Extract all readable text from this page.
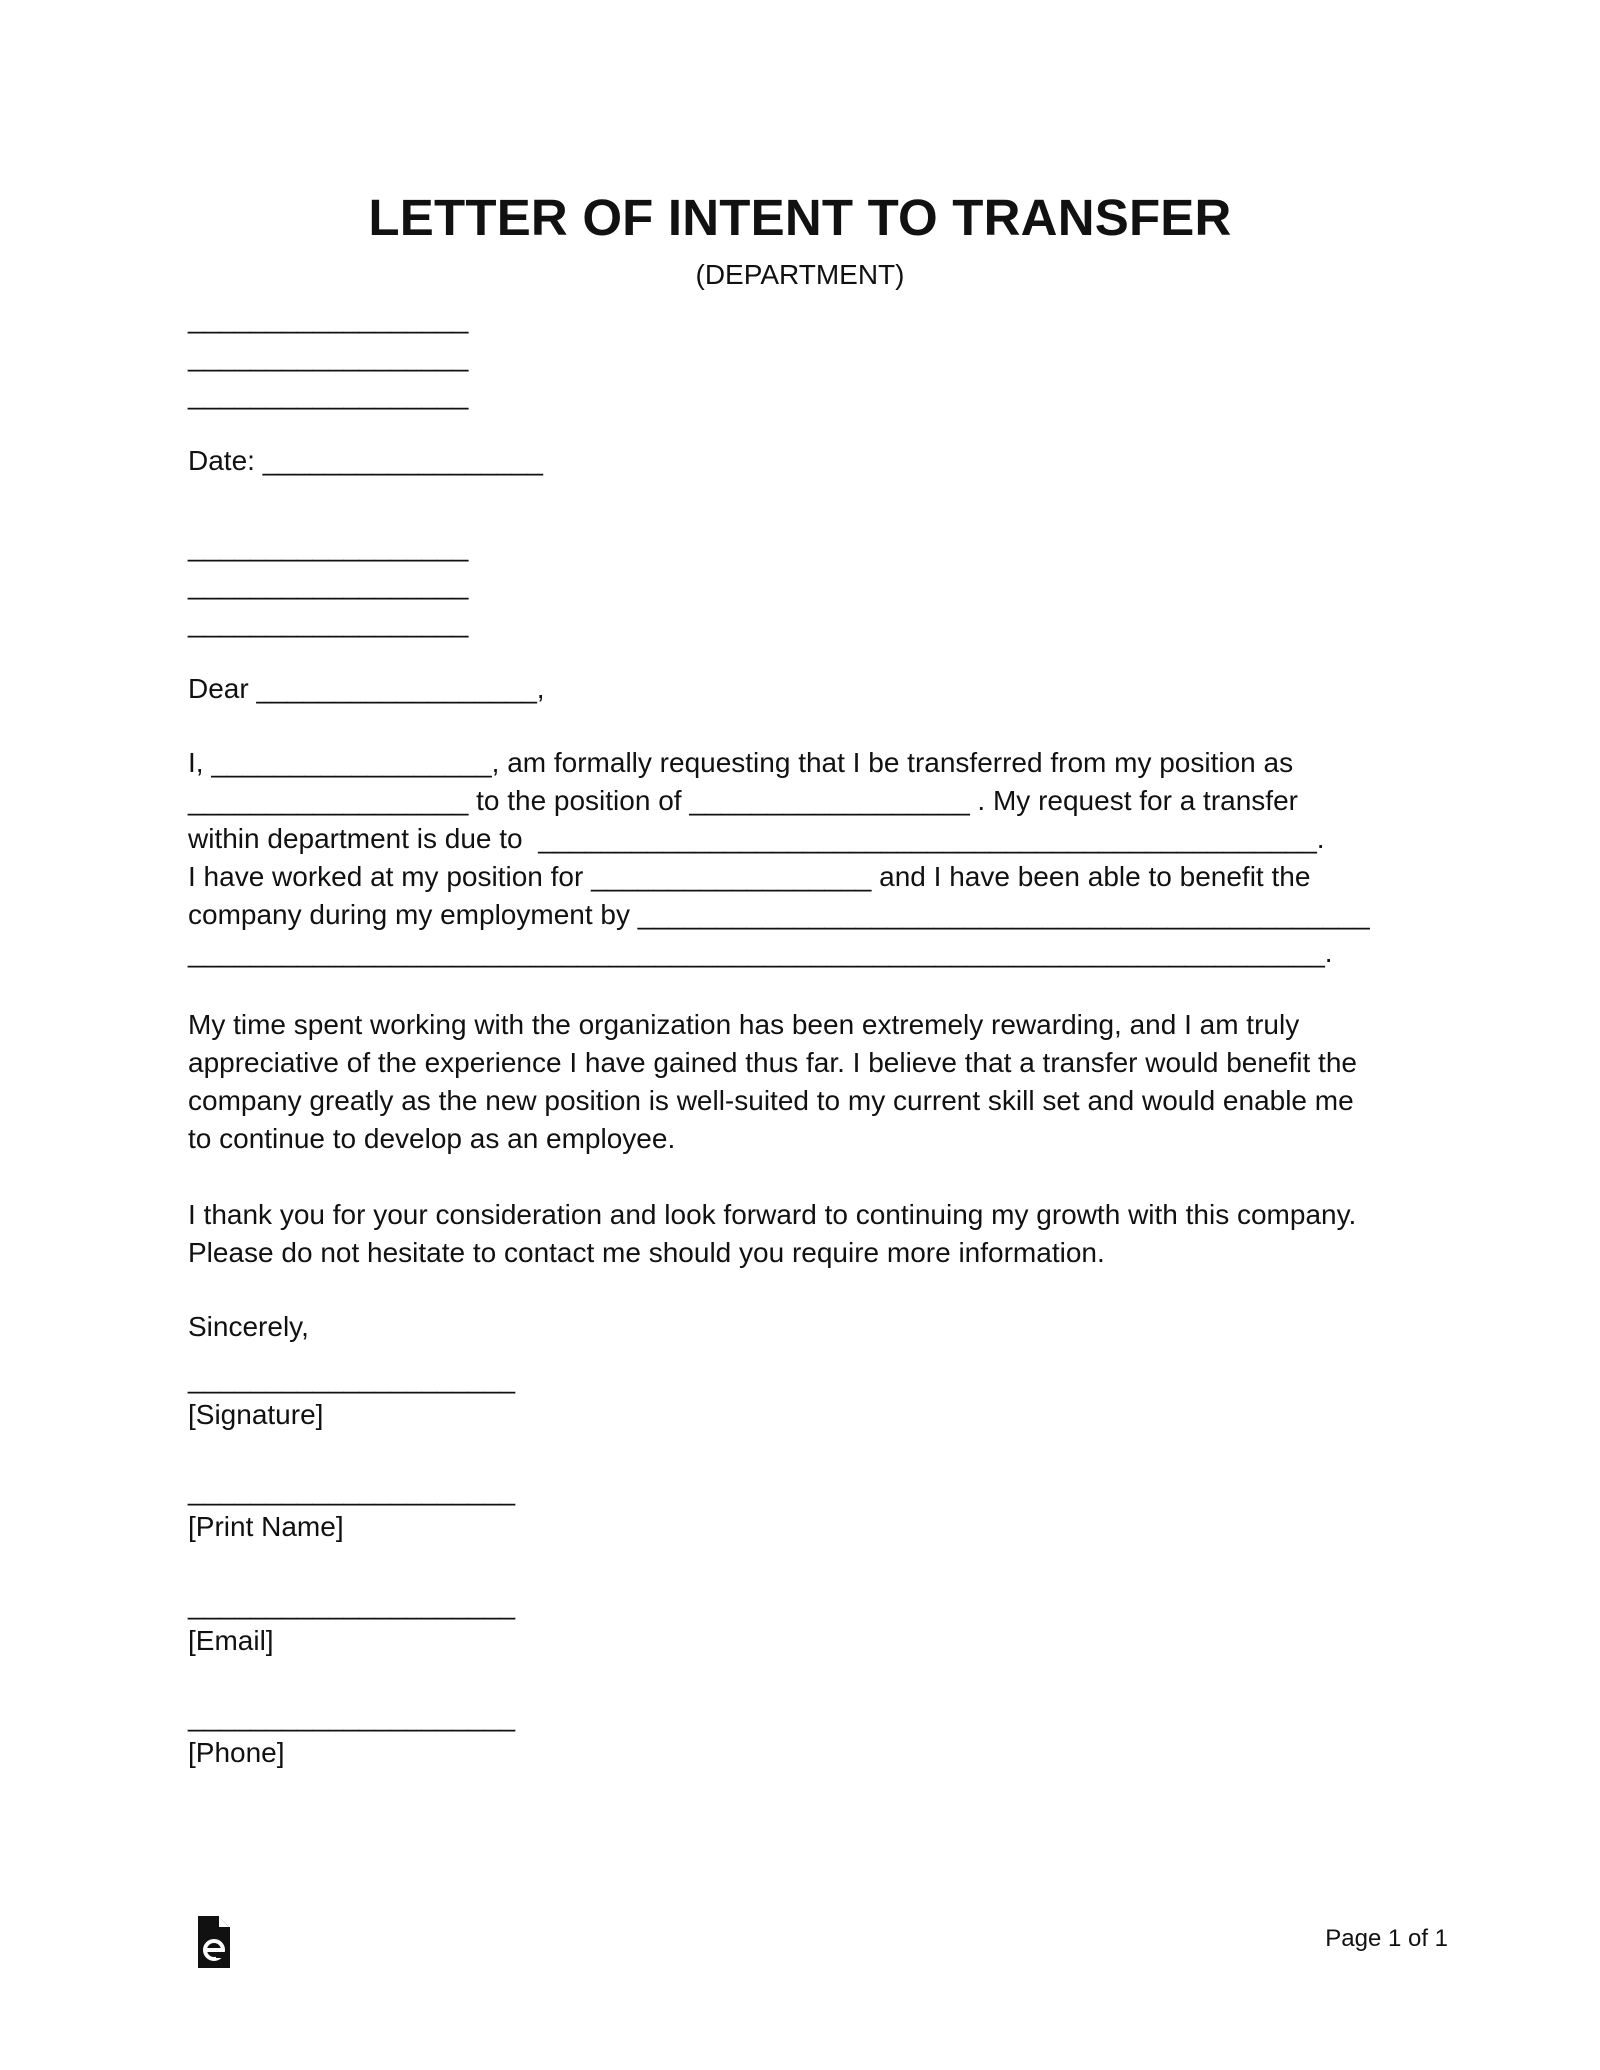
LETTER OF INTENT TO TRANSFER
(DEPARTMENT)
__________________
__________________
__________________
Date: __________________
__________________
__________________
__________________
Dear __________________,
I, __________________, am formally requesting that I be transferred from my position as
__________________ to the position of __________________ . My request for a transfer
within department is due to  __________________________________________________.
I have worked at my position for __________________ and I have been able to benefit the
company during my employment by _______________________________________________
_________________________________________________________________________.
My time spent working with the organization has been extremely rewarding, and I am truly
appreciative of the experience I have gained thus far. I believe that a transfer would benefit the
company greatly as the new position is well-suited to my current skill set and would enable me
to continue to develop as an employee.
I thank you for your consideration and look forward to continuing my growth with this company.
Please do not hesitate to contact me should you require more information.
Sincerely,
_____________________
[Signature]
_____________________
[Print Name]
_____________________
[Email]
_____________________
[Phone]
Page 1 of 1
